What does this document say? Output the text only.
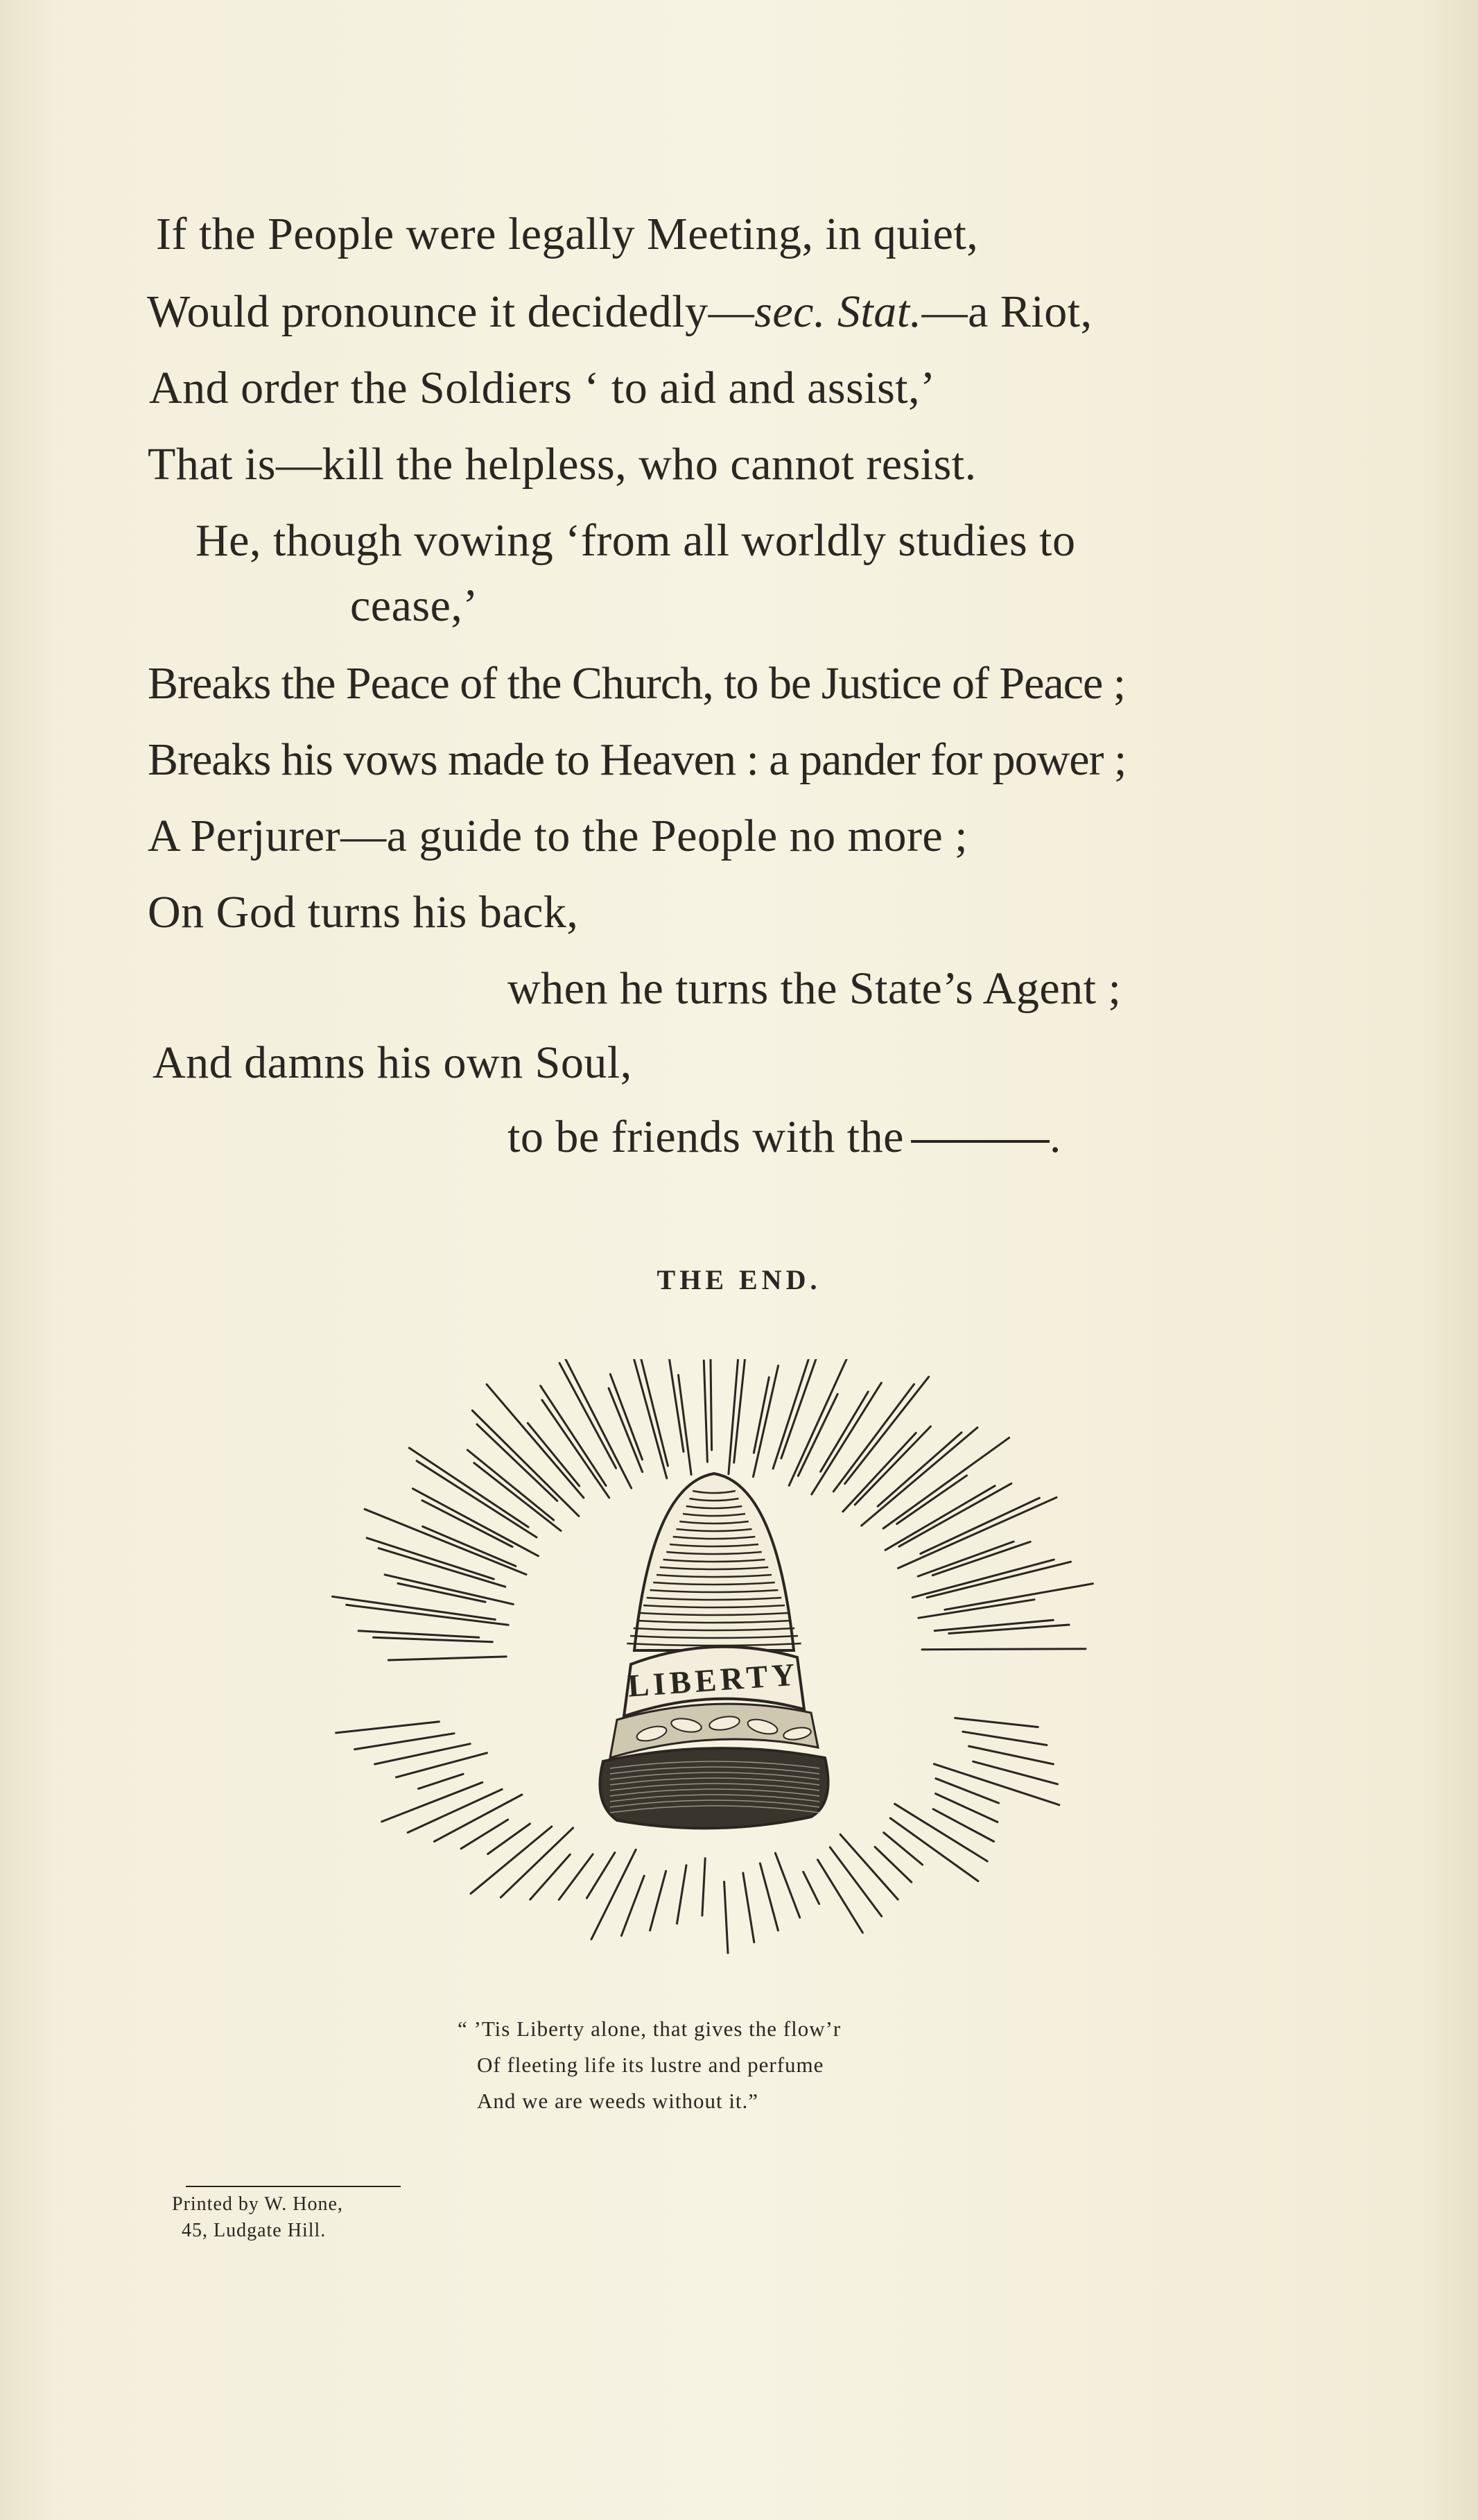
If the People were legally Meeting, in quiet,
Would pronounce it decidedly—sec. Stat.—a Riot,
And order the Soldiers ‘ to aid and assist,’
That is—kill the helpless, who cannot resist.
He, though vowing ‘from all worldly studies to
cease,’
Breaks the Peace of the Church, to be Justice of Peace ;
Breaks his vows made to Heaven : a pander for power ;
A Perjurer—a guide to the People no more ;
On God turns his back,
when he turns the State’s Agent ;
And damns his own Soul,
to be friends with the	.
THE END.
LIBERTY
“ ’Tis Liberty alone, that gives the flow’r
Of fleeting life its lustre and perfume
And we are weeds without it.”
Printed by W. Hone,
45, Ludgate Hill.
